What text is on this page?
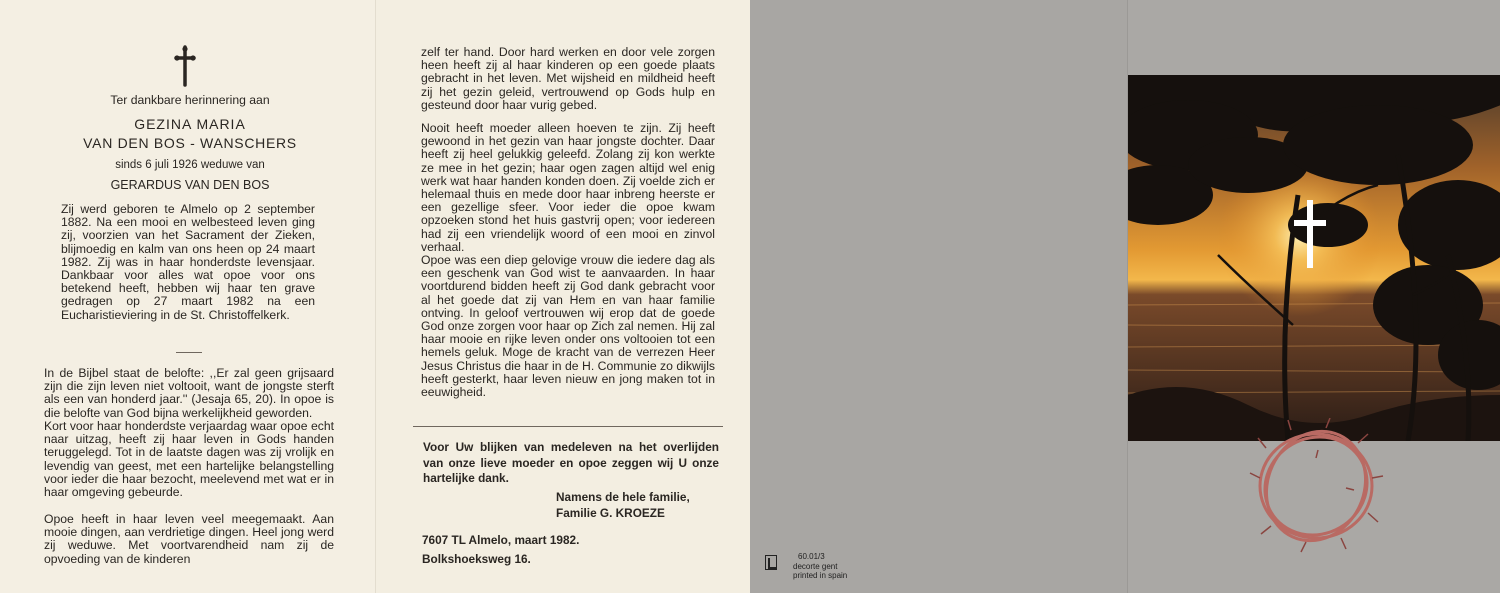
Ter dankbare herinnering aan
GEZINA MARIA
VAN DEN BOS - WANSCHERS
sinds 6 juli 1926 weduwe van
GERARDUS VAN DEN BOS
Zij werd geboren te Almelo op 2 september 1882. Na een mooi en welbesteed leven ging zij, voorzien van het Sacrament der Zieken, blijmoedig en kalm van ons heen op 24 maart 1982. Zij was in haar honderdste levensjaar. Dankbaar voor alles wat opoe voor ons betekend heeft, hebben wij haar ten grave gedragen op 27 maart 1982 na een Eucharistieviering in de St. Christoffelkerk.
In de Bijbel staat de belofte: ,,Er zal geen grijsaard zijn die zijn leven niet voltooit, want de jongste sterft als een van honderd jaar.'' (Jesaja 65, 20). In opoe is die belofte van God bijna werkelijkheid geworden.
Kort voor haar honderdste verjaardag waar opoe echt naar uitzag, heeft zij haar leven in Gods handen teruggelegd. Tot in de laatste dagen was zij vrolijk en levendig van geest, met een hartelijke belangstelling voor ieder die haar bezocht, meelevend met wat er in haar omgeving gebeurde.
Opoe heeft in haar leven veel meegemaakt. Aan mooie dingen, aan verdrietige dingen. Heel jong werd zij weduwe. Met voortvarendheid nam zij de opvoeding van de kinderen
zelf ter hand. Door hard werken en door vele zorgen heen heeft zij al haar kinderen op een goede plaats gebracht in het leven. Met wijsheid en mildheid heeft zij het gezin geleid, vertrouwend op Gods hulp en gesteund door haar vurig gebed.
Nooit heeft moeder alleen hoeven te zijn. Zij heeft gewoond in het gezin van haar jongste dochter. Daar heeft zij heel gelukkig geleefd. Zolang zij kon werkte ze mee in het gezin; haar ogen zagen altijd wel enig werk wat haar handen konden doen. Zij voelde zich er helemaal thuis en mede door haar inbreng heerste er een gezellige sfeer. Voor ieder die opoe kwam opzoeken stond het huis gastvrij open; voor iedereen had zij een vriendelijk woord of een mooi en zinvol verhaal.
Opoe was een diep gelovige vrouw die iedere dag als een geschenk van God wist te aanvaarden. In haar voortdurend bidden heeft zij God dank gebracht voor al het goede dat zij van Hem en van haar familie ontving. In geloof vertrouwen wij erop dat de goede God onze zorgen voor haar op Zich zal nemen. Hij zal haar mooie en rijke leven onder ons voltooien tot een hemels geluk. Moge de kracht van de verrezen Heer Jesus Christus die haar in de H. Communie zo dikwijls heeft gesterkt, haar leven nieuw en jong maken tot in eeuwigheid.
Voor Uw blijken van medeleven na het overlijden van onze lieve moeder en opoe zeggen wij U onze hartelijke dank.
Namens de hele familie,
Familie G. KROEZE
7607 TL Almelo, maart 1982.
Bolkshoeksweg 16.	60.01/3
decorte gent
printed in spain
